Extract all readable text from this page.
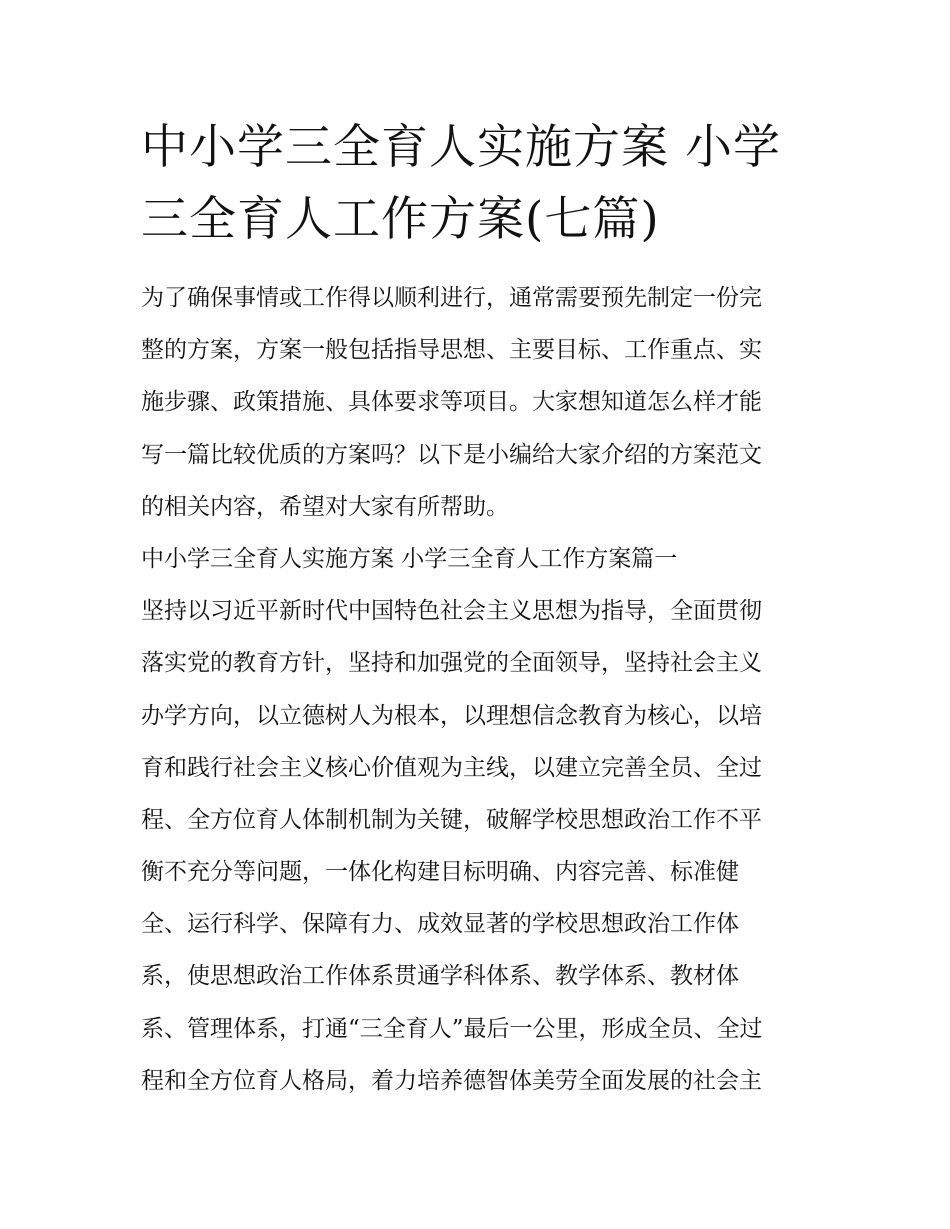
中小学三全育人实施方案 小学
三全育人工作方案(七篇)
为了确保事情或工作得以顺利进行，通常需要预先制定一份完
整的方案，方案一般包括指导思想、主要目标、工作重点、实
施步骤、政策措施、具体要求等项目。大家想知道怎么样才能
写一篇比较优质的方案吗？以下是小编给大家介绍的方案范文
的相关内容，希望对大家有所帮助。
中小学三全育人实施方案 小学三全育人工作方案篇一
坚持以习近平新时代中国特色社会主义思想为指导，全面贯彻
落实党的教育方针，坚持和加强党的全面领导，坚持社会主义
办学方向，以立德树人为根本，以理想信念教育为核心，以培
育和践行社会主义核心价值观为主线，以建立完善全员、全过
程、全方位育人体制机制为关键，破解学校思想政治工作不平
衡不充分等问题，一体化构建目标明确、内容完善、标准健
全、运行科学、保障有力、成效显著的学校思想政治工作体
系，使思想政治工作体系贯通学科体系、教学体系、教材体
系、管理体系，打通“三全育人”最后一公里，形成全员、全过
程和全方位育人格局，着力培养德智体美劳全面发展的社会主
